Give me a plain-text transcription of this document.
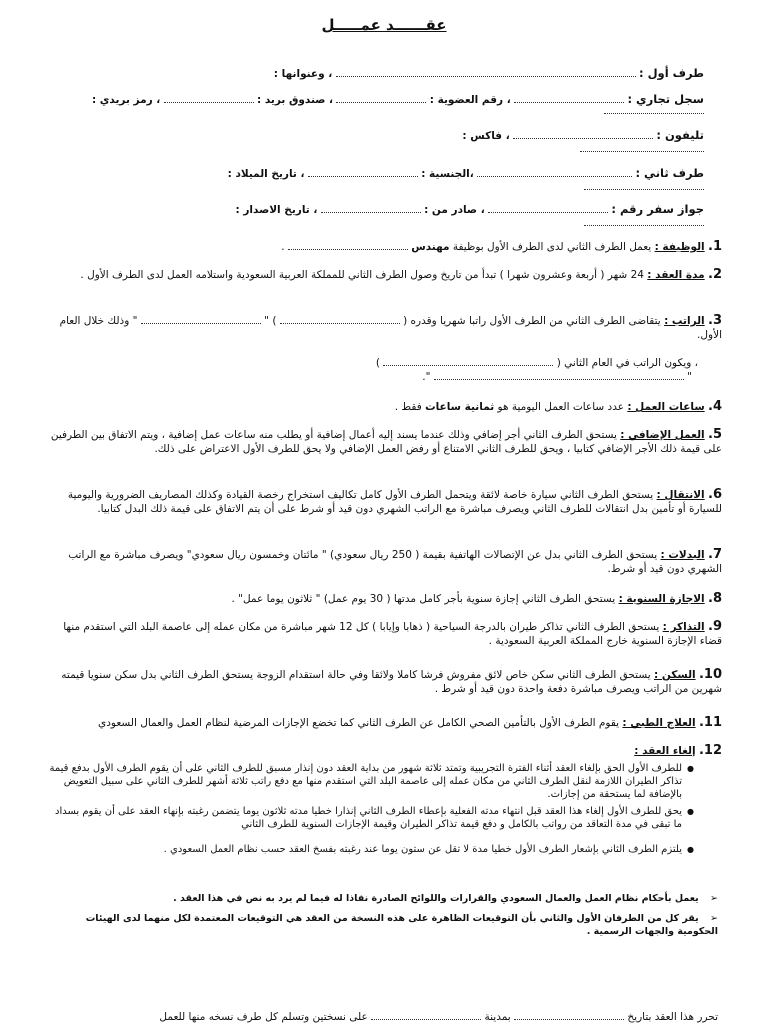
عقــــــد عمـــــل
طرف أول :  ، وعنوانها :
سجل تجاري :  ، رقم العضوية :  ، صندوق بريد :  ، رمز بريدي :
تليفون :  ، فاكس :
طرف ثاني :  ،الجنسية :  ، تاريخ الميلاد :
جواز سفر رقم :  ، صادر من :  ، تاريخ الاصدار :
1. الوظيفة : يعمل الطرف الثاني لدى الطرف الأول بوظيفة مهندس  .
2. مدة العقد : 24 شهر ( أربعة وعشرون شهرا ) تبدأ من تاريخ وصول الطرف الثاني للمملكة العربية السعودية واستلامه العمل لدى الطرف الأول .
3. الراتب : يتقاضى الطرف الثاني من الطرف الأول راتبا شهريا وقدره (  ) "  " وذلك خلال العام الأول.
، ويكون الراتب في العام الثاني (  )
"  ".
4. ساعات العمل : عدد ساعات العمل اليومية هو ثمانية ساعات فقط .
5. العمل الإضافي : يستحق الطرف الثاني أجر إضافي وذلك عندما يسند إليه أعمال إضافية أو يطلب منه ساعات عمل إضافية ، ويتم الاتفاق بين الطرفين على قيمة ذلك الأجر الإضافي كتابيا ، ويحق للطرف الثاني الامتناع أو رفض العمل الإضافي ولا يحق للطرف الأول الاعتراض على ذلك.
6. الانتقال : يستحق الطرف الثاني سيارة خاصة لائقة ويتحمل الطرف الأول كامل تكاليف استخراج رخصة القيادة وكذلك المصاريف الضرورية واليومية للسيارة أو تأمين بدل انتقالات للطرف الثاني ويصرف مباشرة مع الراتب الشهري دون قيد أو شرط على أن يتم الاتفاق على قيمة ذلك البدل كتابيا.
7. البدلات : يستحق الطرف الثاني بدل عن الإتصالات الهاتفية بقيمة ( 250 ريال سعودي) " مائتان وخمسون ريال سعودي" ويصرف مباشرة مع الراتب الشهري دون قيد أو شرط.
8. الاجازة السنوية : يستحق الطرف الثاني إجازة سنوية بأجر كامل مدتها ( 30 يوم عمل) " ثلاثون يوما عمل" .
9. التذاكر : يستحق الطرف الثاني تذاكر طيران بالدرجة السياحية ( ذهابا وإيابا ) كل 12 شهر مباشرة من مكان عمله إلى عاصمة البلد التي استقدم منها قضاء الإجازة السنوية خارج المملكة العربية السعودية .
10. السكن : يستحق الطرف الثاني سكن خاص لائق مفروش فرشا كاملا ولائقا وفي حالة استقدام الزوجة يستحق الطرف الثاني بدل سكن سنويا قيمته شهرين من الراتب ويصرف مباشرة دفعة واحدة دون قيد أو شرط .
11. العلاج الطبي : يقوم الطرف الأول بالتأمين الصحي الكامل عن الطرف الثاني كما تخضع الإجازات المرضية لنظام العمل والعمال السعودي
12. إلغاء العقد :
● للطرف الأول الحق بإلغاء العقد أثناء الفترة التجريبية وتمتد ثلاثة شهور من بداية العقد دون إنذار مسبق للطرف الثاني على أن يقوم الطرف الأول بدفع قيمة تذاكر الطيران اللازمة لنقل الطرف الثاني من مكان عمله إلى عاصمة البلد التي استقدم منها مع دفع راتب ثلاثة أشهر للطرف الثاني على سبيل التعويض بالإضافة لما يستحقة من إجازات.
● يحق للطرف الأول إلغاء هذا العقد قبل انتهاء مدته الفعلية بإعطاء الطرف الثاني إنذارا خطيا مدته ثلاثون يوما يتضمن رغبته بإنهاء العقد على أن يقوم بسداد ما تبقى في مدة التعاقد من رواتب بالكامل و دفع قيمة تذاكر الطيران وقيمة الإجازات السنوية للطرف الثاني
● يلتزم الطرف الثاني بإشعار الطرف الأول خطيا مدة لا تقل عن ستون يوما عند رغبته بفسخ العقد حسب نظام العمل السعودي .
➢ يعمل بأحكام نظام العمل والعمال السعودي والقرارات واللوائح الصادرة نفاذا له فيما لم يرد به نص في هذا العقد .
➢ يقر كل من الطرفان الأول والثاني بأن التوقيعات الظاهرة على هذه النسخة من العقد هي التوقيعات المعتمدة لكل منهما لدى الهيئات الحكومية والجهات الرسمية .
تحرر هذا العقد بتاريخ  بمدينة  على نسختين وتسلم كل طرف نسخه منها للعمل
